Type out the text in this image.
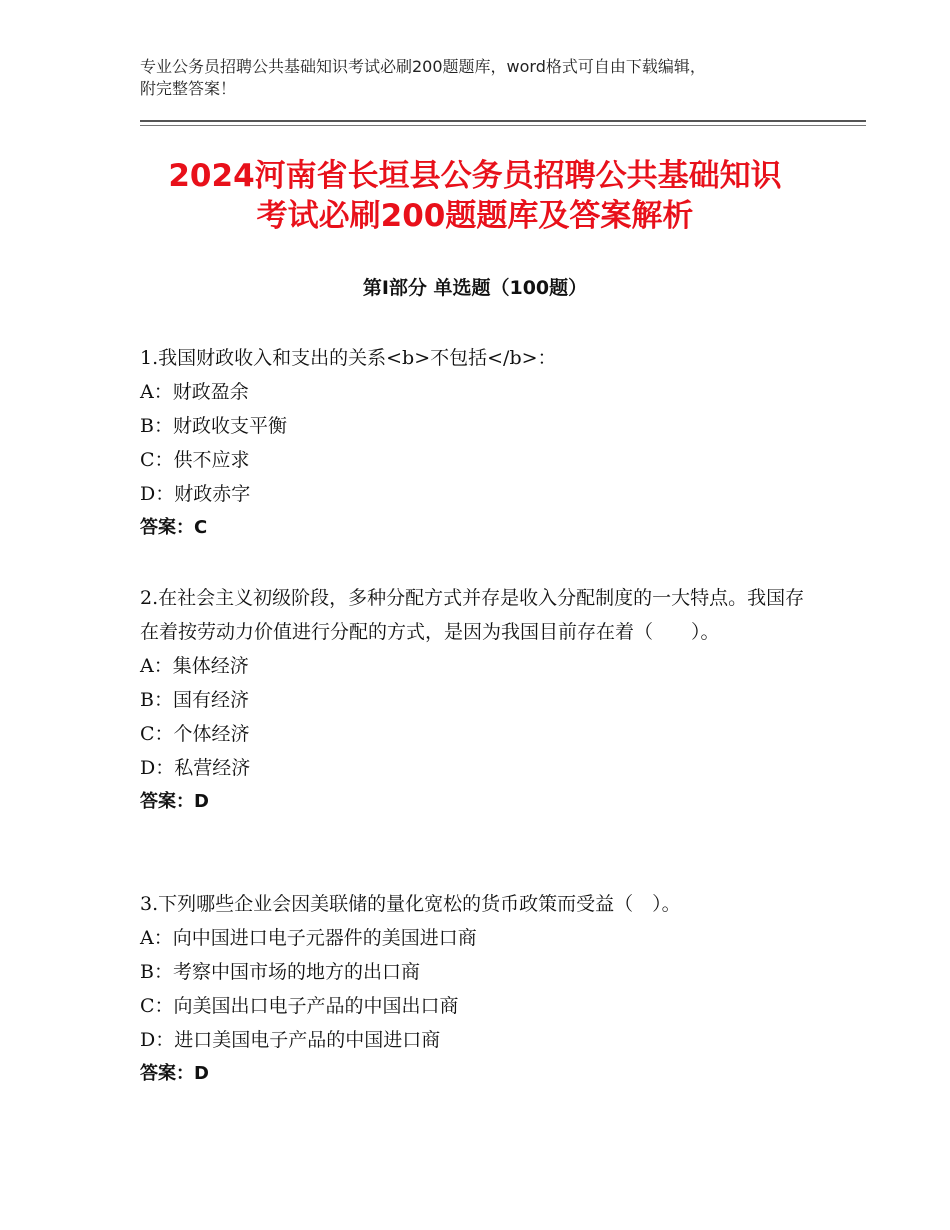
专业公务员招聘公共基础知识考试必刷200题题库，word格式可自由下载编辑，
附完整答案！
2024河南省长垣县公务员招聘公共基础知识
考试必刷200题题库及答案解析
第Ⅰ部分 单选题（100题）

1.我国财政收入和支出的关系<b>不包括</b>：

A：财政盈余

B：财政收支平衡

C：供不应求

D：财政赤字

答案：C

2.在社会主义初级阶段，多种分配方式并存是收入分配制度的一大特点。我国存在着按劳动力价值进行分配的方式，是因为我国目前存在着（　　）。

A：集体经济

B：国有经济

C：个体经济

D：私营经济

答案：D

3.下列哪些企业会因美联储的量化宽松的货币政策而受益（　）。

A：向中国进口电子元器件的美国进口商

B：考察中国市场的地方的出口商

C：向美国出口电子产品的中国出口商

D：进口美国电子产品的中国进口商

答案：D
